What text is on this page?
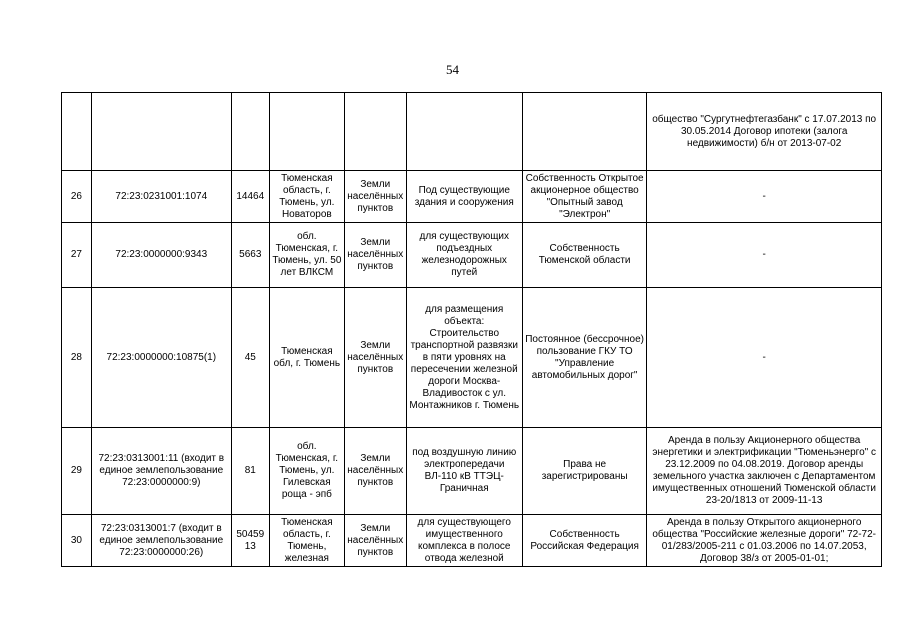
54
							общество "Сургутнефтегазбанк" с 17.07.2013 по 30.05.2014 Договор ипотеки (залога недвижимости) б/н от 2013-07-02
26	72:23:0231001:1074	14464	Тюменская область, г. Тюмень, ул. Новаторов	Земли населённых пунктов	Под существующие здания и сооружения	Собственность Открытое акционерное общество "Опытный завод "Электрон"	-
27	72:23:0000000:9343	5663	обл. Тюменская, г. Тюмень, ул. 50 лет ВЛКСМ	Земли населённых пунктов	для существующих подъездных железнодорожных путей	Собственность Тюменской области	-
28	72:23:0000000:10875(1)	45	Тюменская обл, г. Тюмень	Земли населённых пунктов	для размещения объекта: Строительство транспортной развязки в пяти уровнях на пересечении железной дороги Москва-Владивосток с ул. Монтажников г. Тюмень	Постоянное (бессрочное) пользование ГКУ ТО "Управление автомобильных дорог"	-
29	72:23:0313001:11 (входит в единое землепользование 72:23:0000000:9)	81	обл. Тюменская, г. Тюмень, ул. Гилевская роща - эпб	Земли населённых пунктов	под воздушную линию электропередачи ВЛ-110 кВ ТТЭЦ-Граничная	Права не зарегистрированы	Аренда в пользу Акционерного общества энергетики и электрификации "Тюменьэнерго" с 23.12.2009 по 04.08.2019. Договор аренды земельного участка заключен с Департаментом имущественных отношений Тюменской области 23-20/1813 от 2009-11-13
30	72:23:0313001:7 (входит в единое землепользование 72:23:0000000:26)	5045913	Тюменская область, г. Тюмень, железная	Земли населённых пунктов	для существующего имущественного комплекса в полосе отвода железной	Собственность Российская Федерация	Аренда в пользу Открытого акционерного общества "Российские железные дороги" 72-72-01/283/2005-211 с 01.03.2006 по 14.07.2053, Договор 38/з от 2005-01-01;
